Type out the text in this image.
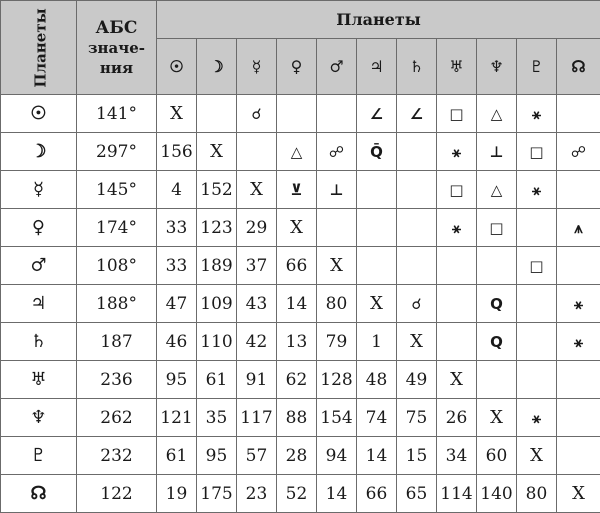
Планеты	АБС
значе-
ния	Планеты										
		☉	☽	☿	♀	♂	♃	♄	♅	♆	♇	☊
☉	141°	X		☌			∠	∠	□	△	⚹	
☽	297°	156	X		△	☍	Q̄		⚹	⊥	□	☍
☿	145°	4	152	X	⊻	⊥			□	△	⚹	
♀	174°	33	123	29	X				⚹	□		⩚
♂	108°	33	189	37	66	X					□	
♃	188°	47	109	43	14	80	X	☌		Q		⚹
♄	187	46	110	42	13	79	1	X		Q		⚹
♅	236	95	61	91	62	128	48	49	X			
♆	262	121	35	117	88	154	74	75	26	X	⚹	
♇	232	61	95	57	28	94	14	15	34	60	X	
☊	122	19	175	23	52	14	66	65	114	140	80	X
